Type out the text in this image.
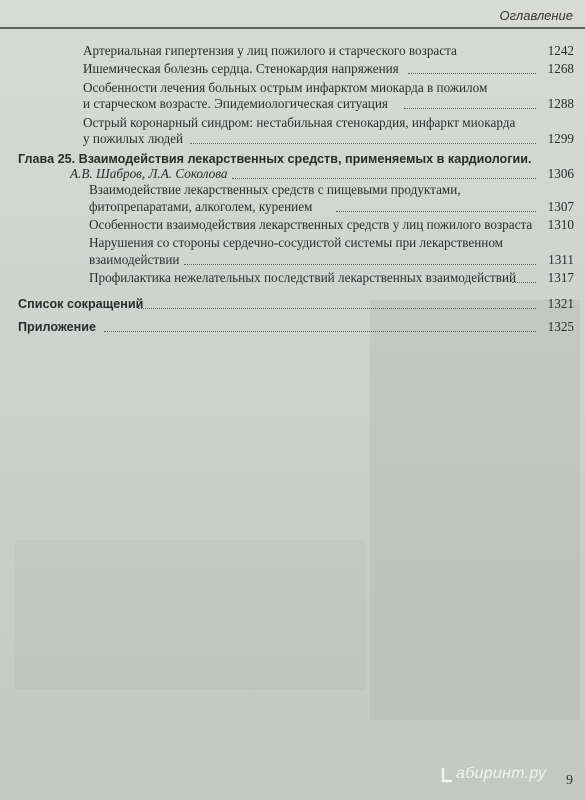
Оглавление
Артериальная гипертензия у лиц пожилого и старческого возраста	1242
Ишемическая болезнь сердца. Стенокардия напряжения	1268
Особенности лечения больных острым инфарктом миокарда в пожилом
и старческом возрасте. Эпидемиологическая ситуация	1288
Острый коронарный синдром: нестабильная стенокардия, инфаркт миокарда
у пожилых людей	1299
Глава 25. Взаимодействия лекарственных средств, применяемых в кардиологии.
А.В. Шабров, Л.А. Соколова	1306
Взаимодействие лекарственных средств с пищевыми продуктами,
фитопрепаратами, алкоголем, курением	1307
Особенности взаимодействия лекарственных средств у лиц пожилого возраста	1310
Нарушения со стороны сердечно-сосудистой системы при лекарственном
взаимодействии	1311
Профилактика нежелательных последствий лекарственных взаимодействий	1317
Список сокращений	1321
Приложение	1325
абиринт.ру 9
